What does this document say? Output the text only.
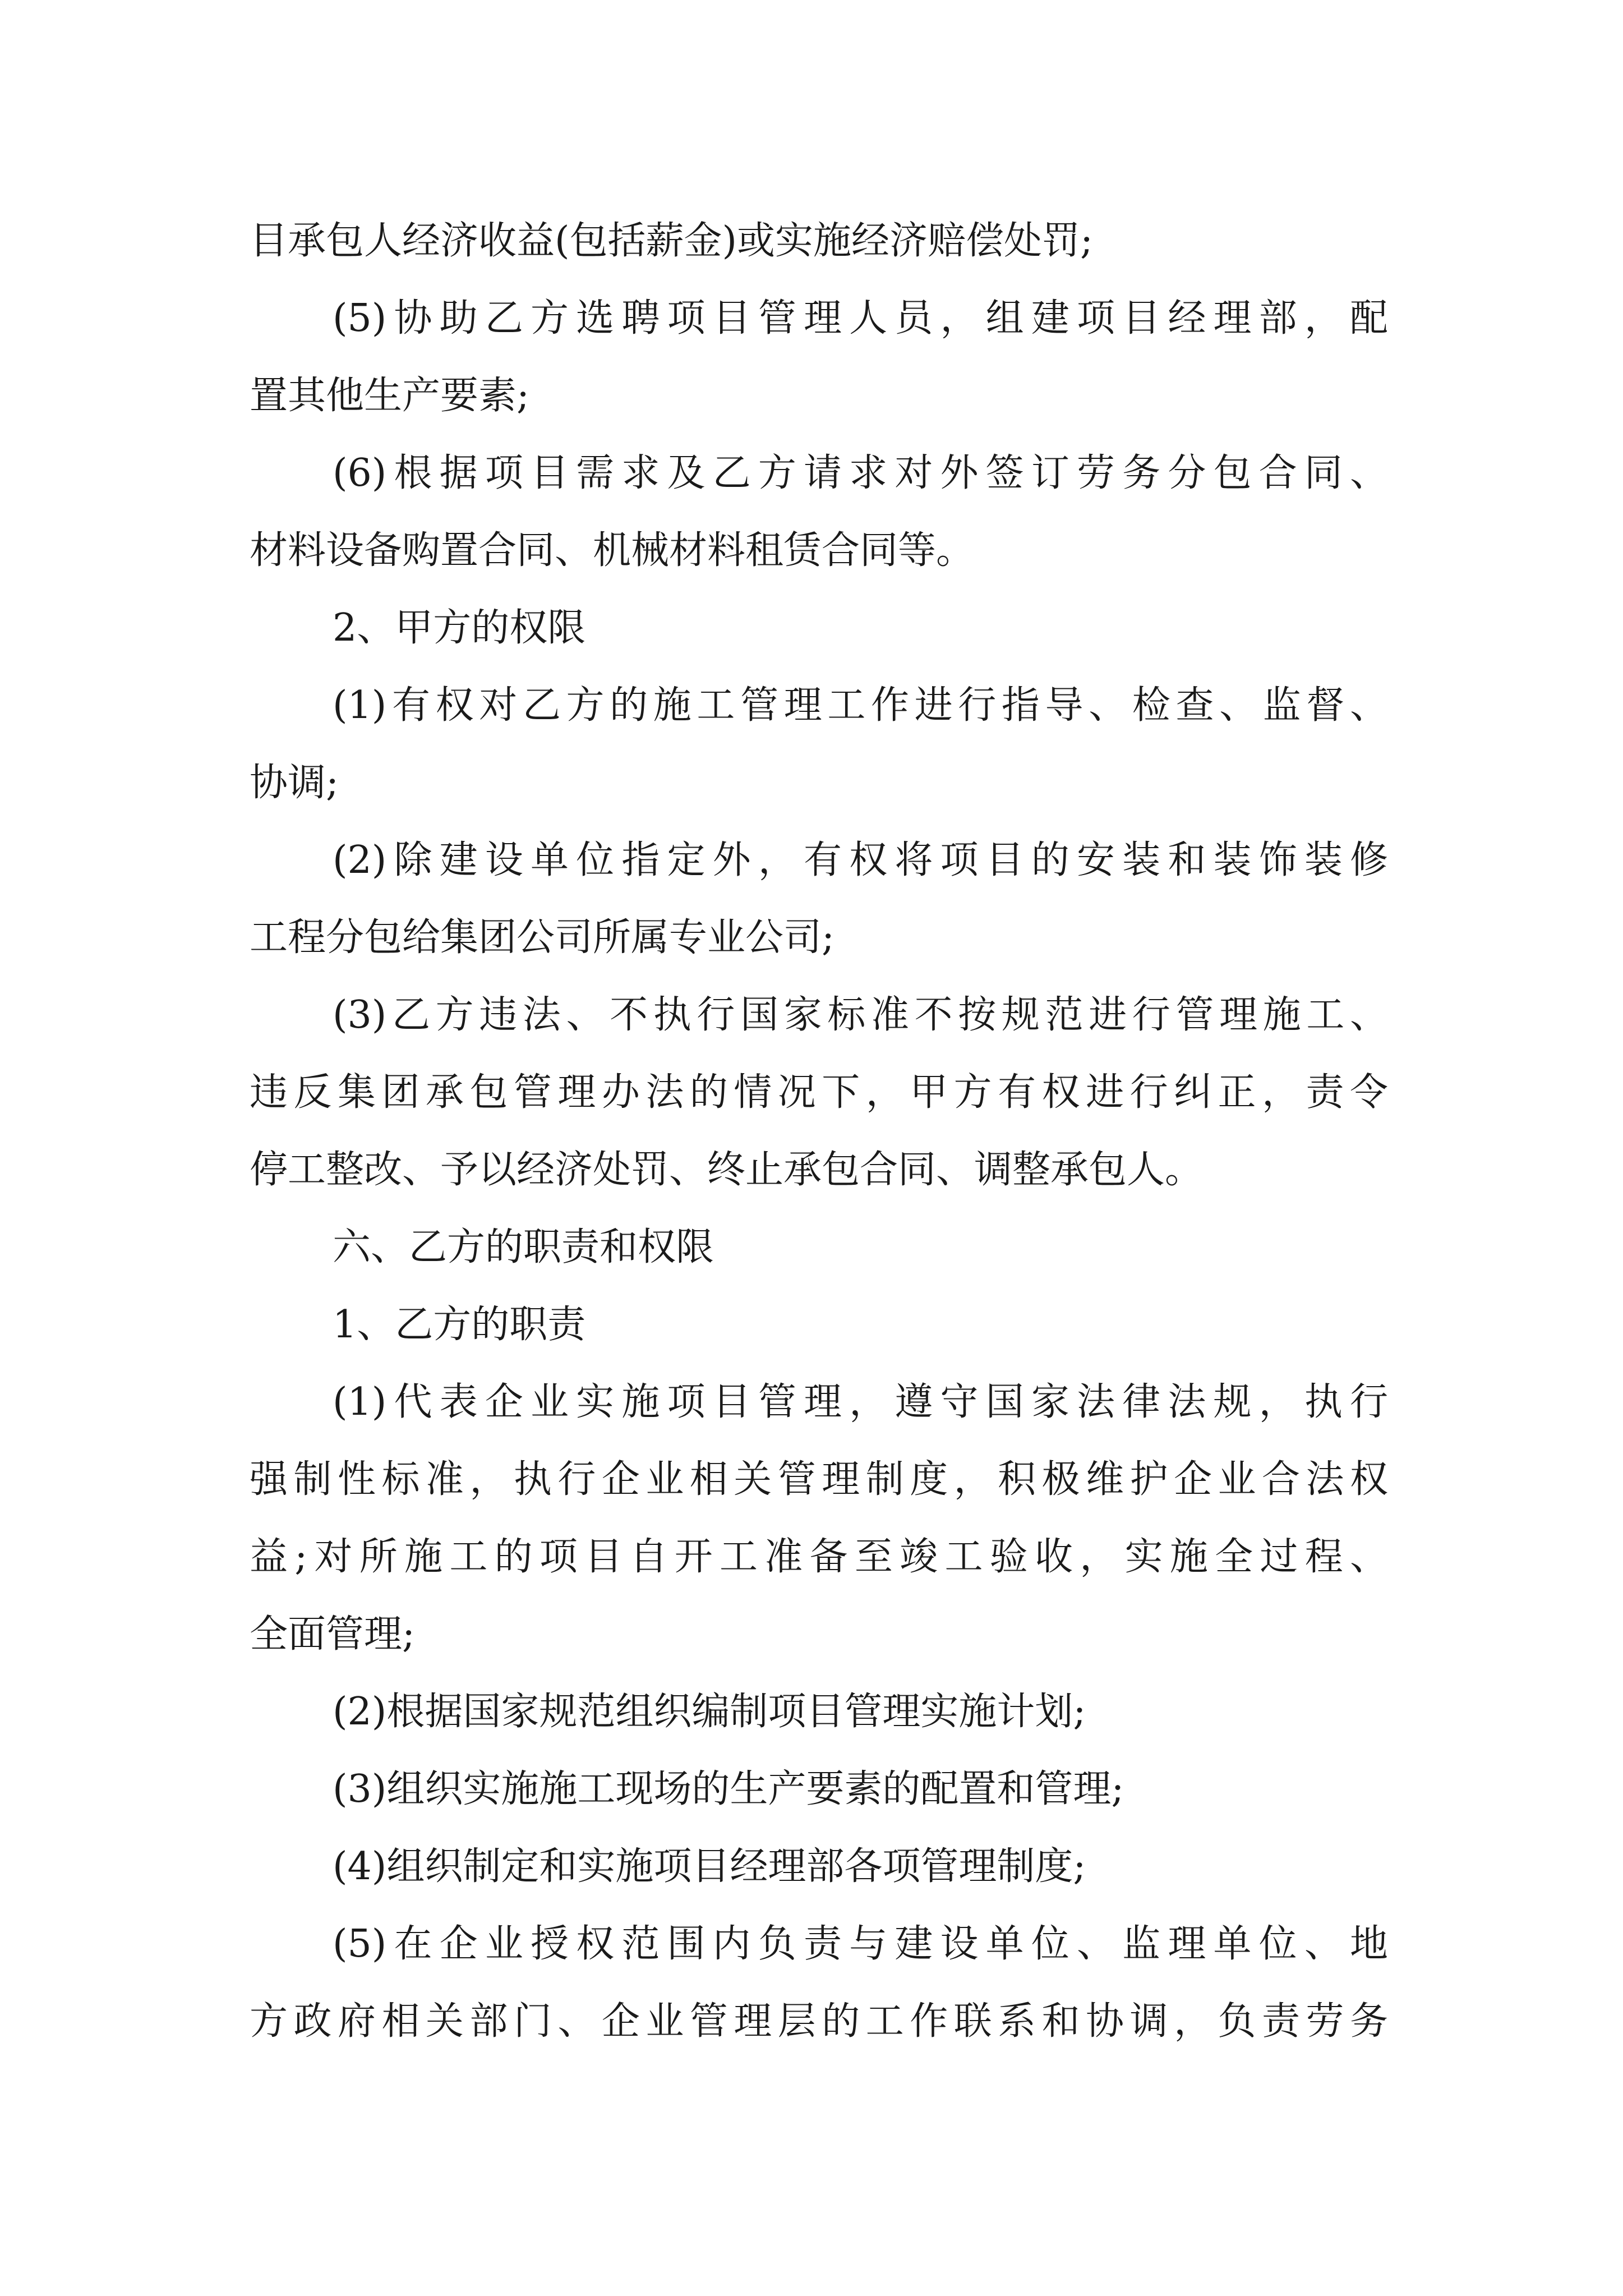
目承包人经济收益(包括薪金)或实施经济赔偿处罚;
(5)协助乙方选聘项目管理人员，组建项目经理部，配
置其他生产要素;
(6)根据项目需求及乙方请求对外签订劳务分包合同、
材料设备购置合同、机械材料租赁合同等。
2、甲方的权限
(1)有权对乙方的施工管理工作进行指导、检查、监督、
协调;
(2)除建设单位指定外，有权将项目的安装和装饰装修
工程分包给集团公司所属专业公司;
(3)乙方违法、不执行国家标准不按规范进行管理施工、
违反集团承包管理办法的情况下，甲方有权进行纠正，责令
停工整改、予以经济处罚、终止承包合同、调整承包人。
六、乙方的职责和权限
1、乙方的职责
(1)代表企业实施项目管理，遵守国家法律法规，执行
强制性标准，执行企业相关管理制度，积极维护企业合法权
益;对所施工的项目自开工准备至竣工验收，实施全过程、
全面管理;
(2)根据国家规范组织编制项目管理实施计划;
(3)组织实施施工现场的生产要素的配置和管理;
(4)组织制定和实施项目经理部各项管理制度;
(5)在企业授权范围内负责与建设单位、监理单位、地
方政府相关部门、企业管理层的工作联系和协调，负责劳务
